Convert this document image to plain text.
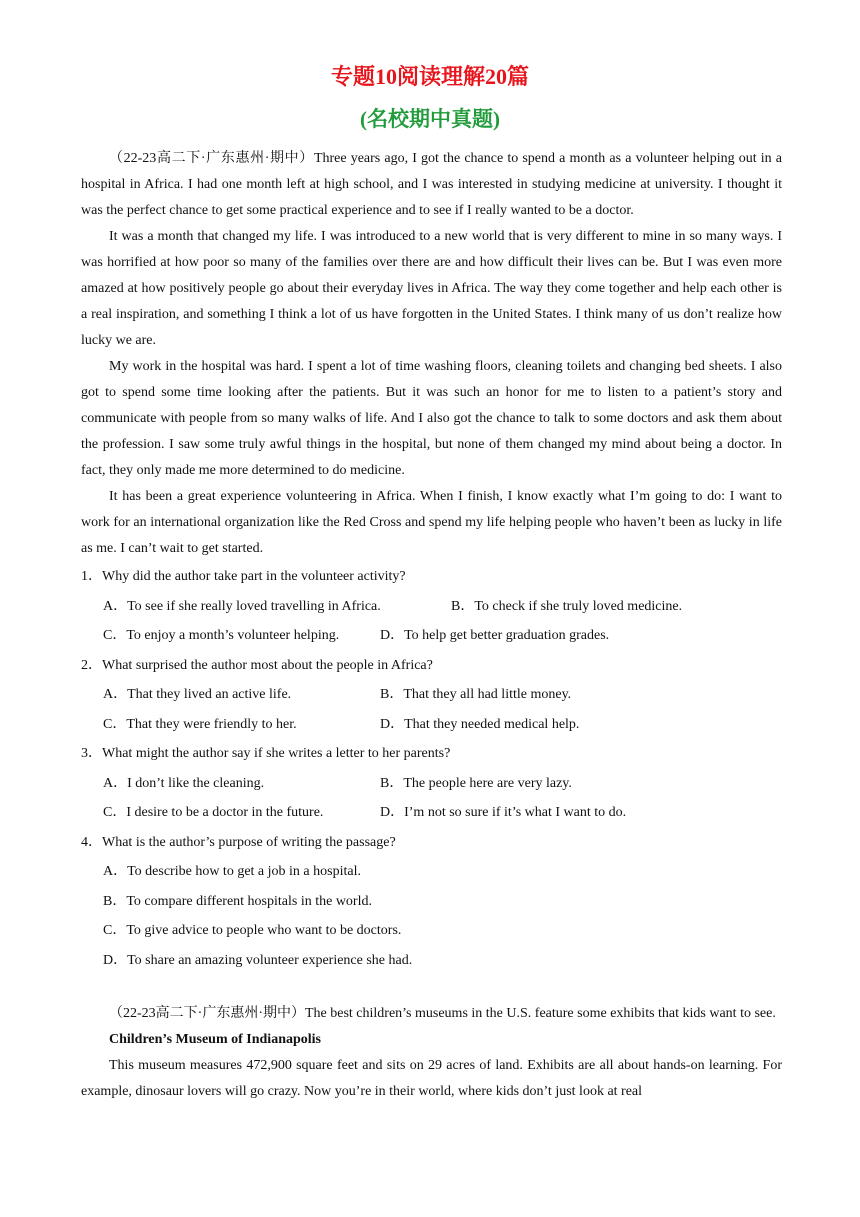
专题10阅读理解20篇
(名校期中真题)

（22-23高二下·广东惠州·期中）Three years ago, I got the chance to spend a month as a volunteer helping out in a hospital in Africa. I had one month left at high school, and I was interested in studying medicine at university. I thought it was the perfect chance to get some practical experience and to see if I really wanted to be a doctor.

It was a month that changed my life. I was introduced to a new world that is very different to mine in so many ways. I was horrified at how poor so many of the families over there are and how difficult their lives can be. But I was even more amazed at how positively people go about their everyday lives in Africa. The way they come together and help each other is a real inspiration, and something I think a lot of us have forgotten in the United States. I think many of us don’t realize how lucky we are.

My work in the hospital was hard. I spent a lot of time washing floors, cleaning toilets and changing bed sheets. I also got to spend some time looking after the patients. But it was such an honor for me to listen to a patient’s story and communicate with people from so many walks of life. And I also got the chance to talk to some doctors and ask them about the profession. I saw some truly awful things in the hospital, but none of them changed my mind about being a doctor. In fact, they only made me more determined to do medicine.

It has been a great experience volunteering in Africa. When I finish, I know exactly what I’m going to do: I want to work for an international organization like the Red Cross and spend my life helping people who haven’t been as lucky in life as me. I can’t wait to get started.

1．Why did the author take part in the volunteer activity?

A．To see if she really loved travelling in Africa.	B．To check if she truly loved medicine.
C．To enjoy a month’s volunteer helping.	D．To help get better graduation grades.

2．What surprised the author most about the people in Africa?

A．That they lived an active life.	B．That they all had little money.
C．That they were friendly to her.	D．That they needed medical help.

3．What might the author say if she writes a letter to her parents?

A．I don’t like the cleaning.	B．The people here are very lazy.
C．I desire to be a doctor in the future.	D．I’m not so sure if it’s what I want to do.

4．What is the author’s purpose of writing the passage?

A．To describe how to get a job in a hospital.
B．To compare different hospitals in the world.
C．To give advice to people who want to be doctors.
D．To share an amazing volunteer experience she had.

（22-23高二下·广东惠州·期中）The best children’s museums in the U.S. feature some exhibits that kids want to see.

Children’s Museum of Indianapolis

This museum measures 472,900 square feet and sits on 29 acres of land. Exhibits are all about hands-on learning. For example, dinosaur lovers will go crazy. Now you’re in their world, where kids don’t just look at real
